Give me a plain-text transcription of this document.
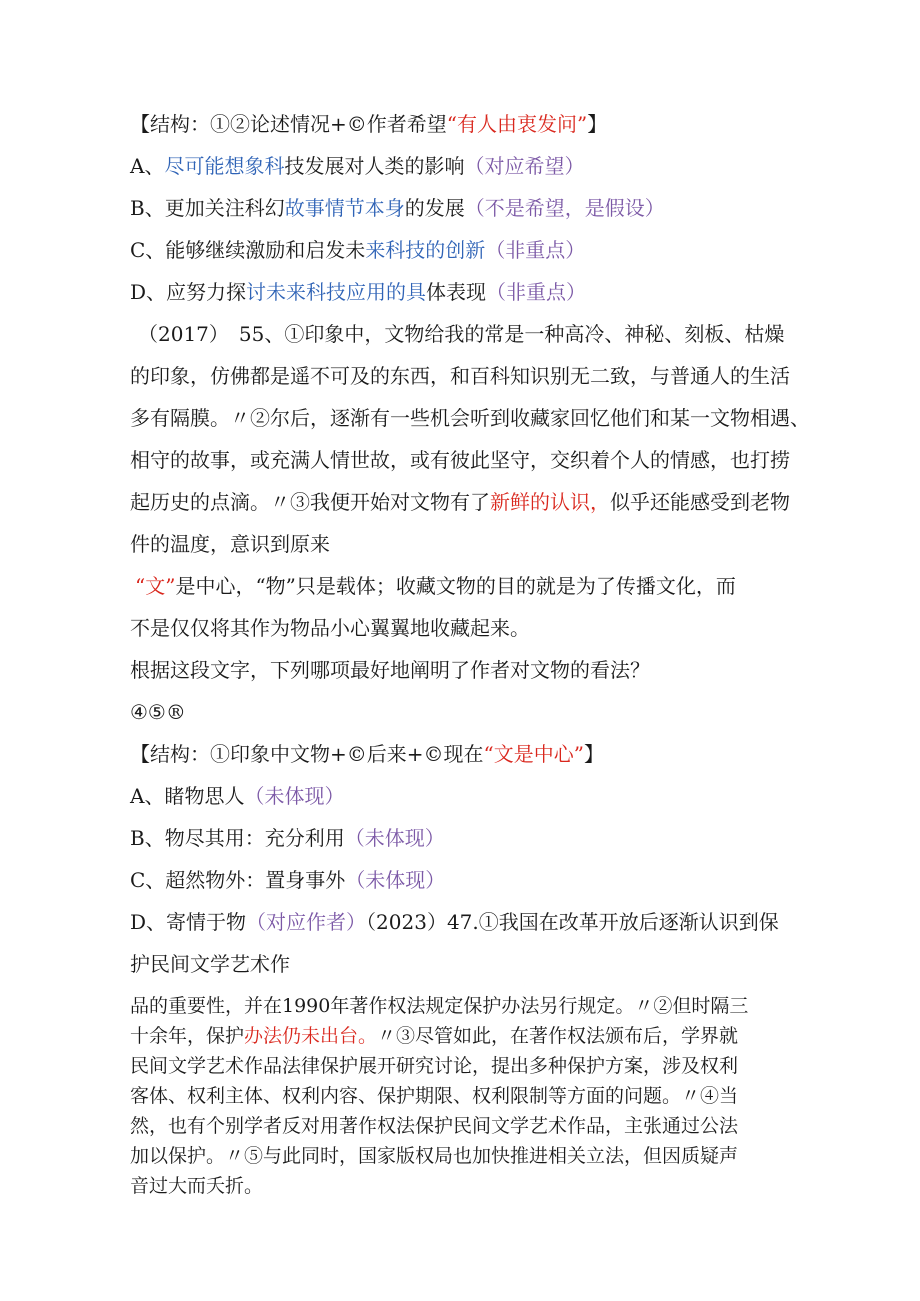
【结构：①②论述情况+©作者希望“有人由衷发问”】
A、尽可能想象科技发展对人类的影响（对应希望）
B、更加关注科幻故事情节本身的发展（不是希望，是假设）
C、能够继续激励和启发未来科技的创新（非重点）
D、应努力探讨未来科技应用的具体表现（非重点）
（2017）　55、①印象中，文物给我的常是一种高冷、神秘、刻板、枯燥
的印象，仿佛都是遥不可及的东西，和百科知识别无二致，与普通人的生活
多有隔膜。〃②尔后，逐渐有一些机会听到收藏家回忆他们和某一文物相遇、
相守的故事，或充满人情世故，或有彼此坚守，交织着个人的情感，也打捞
起历史的点滴。〃③我便开始对文物有了新鲜的认识，似乎还能感受到老物
件的温度，意识到原来
“文”是中心，“物”只是载体；收藏文物的目的就是为了传播文化，而
不是仅仅将其作为物品小心翼翼地收藏起来。
根据这段文字，下列哪项最好地阐明了作者对文物的看法？
④⑤®
【结构：①印象中文物+©后来+©现在“文是中心”】
A、睹物思人（未体现）
B、物尽其用：充分利用（未体现）
C、超然物外：置身事外（未体现）
D、寄情于物（对应作者）（2023）47.①我国在改革开放后逐渐认识到保
护民间文学艺术作
品的重要性，并在1990年著作权法规定保护办法另行规定。〃②但时隔三
十余年，保护办法仍未出台。〃③尽管如此，在著作权法颁布后，学界就
民间文学艺术作品法律保护展开研究讨论，提出多种保护方案，涉及权利
客体、权利主体、权利内容、保护期限、权利限制等方面的问题。〃④当
然，也有个别学者反对用著作权法保护民间文学艺术作品，主张通过公法
加以保护。〃⑤与此同时，国家版权局也加快推进相关立法，但因质疑声
音过大而夭折。
